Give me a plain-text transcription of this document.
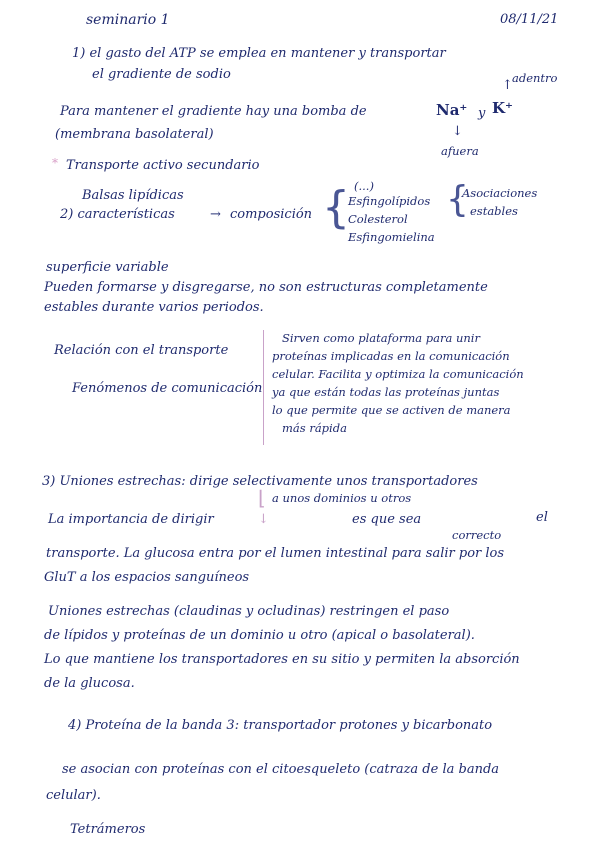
seminario 1	08/11/21
1) el gasto del ATP se emplea en mantener y transportar
el gradiente de sodio	adentro
↑
Para mantener el gradiente hay una bomba de	Na⁺ y K⁺
(membrana basolateral)	↓
afuera
* Transporte activo secundario
Balsas lipídicas
(...)
2) características	→ composición {
Esfingolípidos
Colesterol
Esfingomielina
{
Asociaciones
estables
superficie variable
Pueden formarse y disgregarse, no son estructuras completamente
estables durante varios periodos.
Relación con el transporte
Fenómenos de comunicación
Sirven como plataforma para unir
proteínas implicadas en la comunicación
celular. Facilita y optimiza la comunicación
ya que están todas las proteínas juntas
lo que permite que se activen de manera
más rápida
3) Uniones estrechas: dirige selectivamente unos transportadores
⌊ a unos dominios u otros
La importancia de dirigir	↓	es que sea
correcto
el
transporte. La glucosa entra por el lumen intestinal para salir por los
GluT a los espacios sanguíneos
Uniones estrechas (claudinas y ocludinas) restringen el paso
de lípidos y proteínas de un dominio u otro (apical o basolateral).
Lo que mantiene los transportadores en su sitio y permiten la absorción
de la glucosa.
4) Proteína de la banda 3: transportador protones y bicarbonato
se asocian con proteínas con el citoesqueleto (catraza de la banda
celular).
Tetrámeros
